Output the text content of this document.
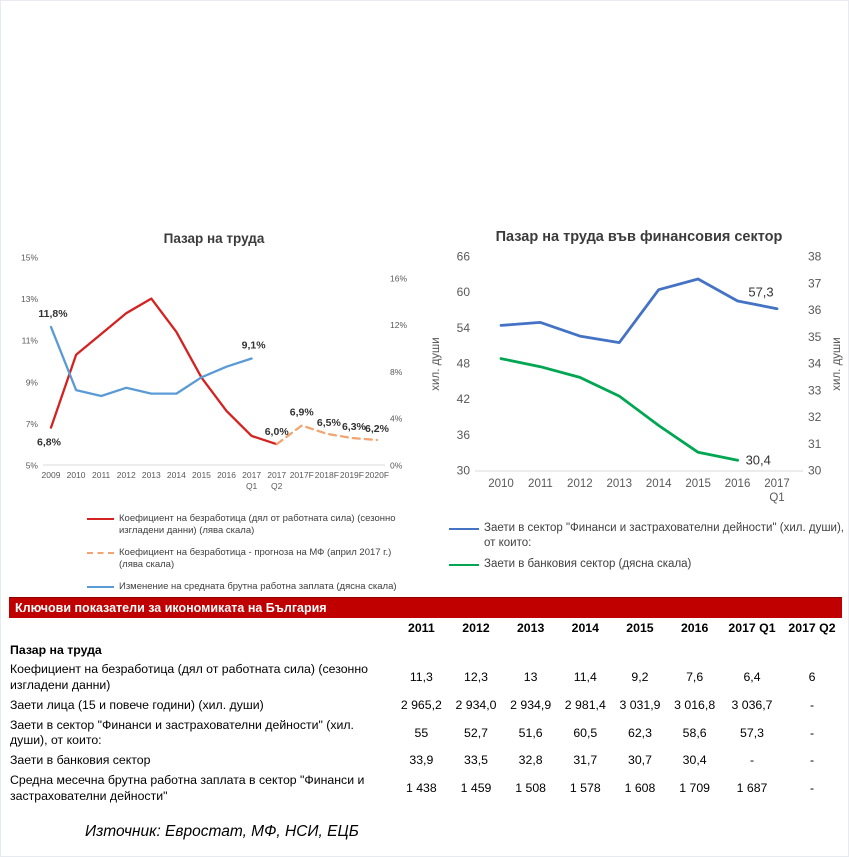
Пазар на труда
5%
7%
9%
11%
13%
15%
0%
4%
8%
12%
16%
2009 2010 2011 2012 2013 2014 2015 2016 2017
Q1
2017
Q2
2017F 2018F 2019F 2020F
11,8%
6,8%
9,1%
6,0%
6,9%
6,5% 6,3% 6,2%
Коефициент на безработица (дял от работната сила) (сезонно изгладени данни) (лява скала)
Коефициент на безработица - прогноза на МФ (април 2017 г.) (лява скала)
Изменение на средната брутна работна заплата (дясна скала)
Пазар на труда във финансовия сектор
30
36
42
48
54
60
66
30
31
32
33
34
35
36
37
38
2010 2011 2012 2013 2014 2015 2016 2017
Q1
хил. души	хил. души
57,3
30,4
Заети в сектор "Финанси и застрахователни дейности" (хил. души), от които:
Заети в банковия сектор (дясна скала)
Ключови показатели за икономиката на България
	2011	2012	2013	2014	2015	2016	2017 Q1	2017 Q2
Пазар на труда								
Коефициент на безработица (дял от работната сила) (сезонно изгладени данни)	11,3	12,3	13	11,4	9,2	7,6	6,4	6
Заети лица (15 и повече години) (хил. души)	2 965,2	2 934,0	2 934,9	2 981,4	3 031,9	3 016,8	3 036,7	-
Заети в сектор "Финанси и застрахователни дейности" (хил. души), от които:	55	52,7	51,6	60,5	62,3	58,6	57,3	-
Заети в банковия сектор	33,9	33,5	32,8	31,7	30,7	30,4	-	-
Средна месечна брутна работна заплата в сектор "Финанси и застрахователни дейности"	1 438	1 459	1 508	1 578	1 608	1 709	1 687	-
Източник: Евростат, МФ, НСИ, ЕЦБ
